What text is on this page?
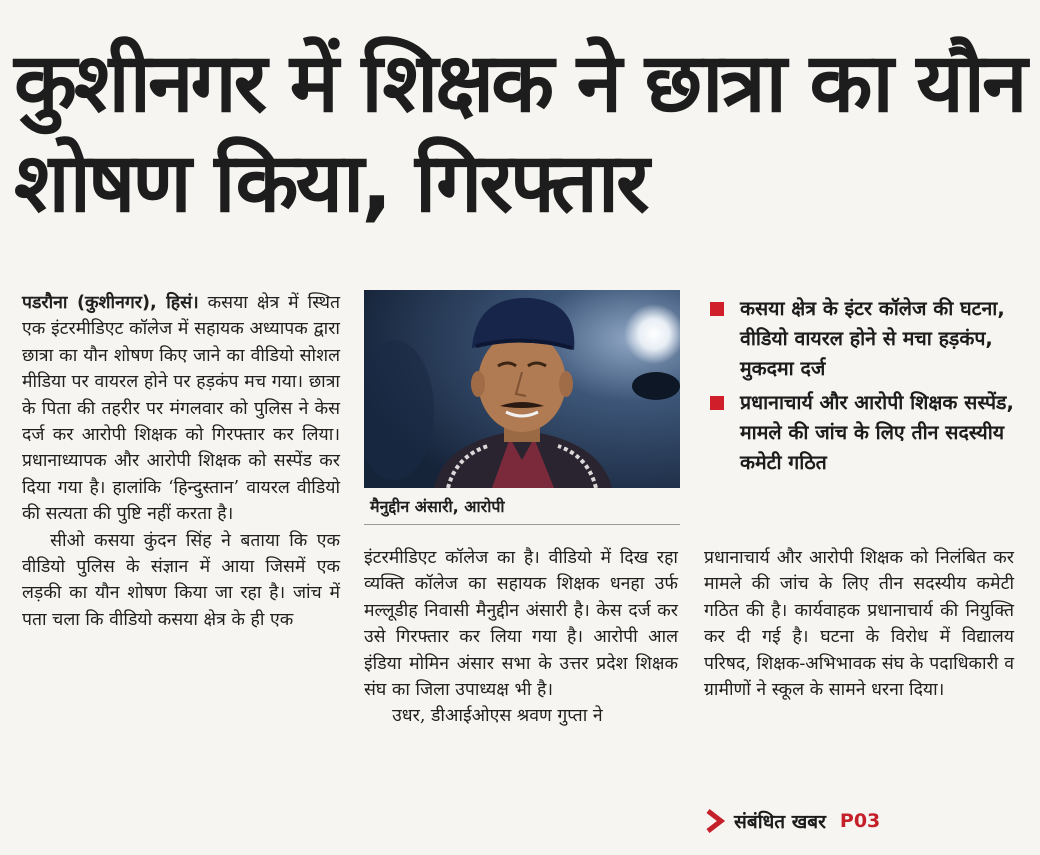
कुशीनगर में शिक्षक ने छात्रा का यौन शोषण किया, गिरफ्तार

पडरौना (कुशीनगर), हिसं। कसया क्षेत्र में स्थित एक इंटरमीडिएट कॉलेज में सहायक अध्यापक द्वारा छात्रा का यौन शोषण किए जाने का वीडियो सोशल मीडिया पर वायरल होने पर हड़कंप मच गया। छात्रा के पिता की तहरीर पर मंगलवार को पुलिस ने केस दर्ज कर आरोपी शिक्षक को गिरफ्तार कर लिया। प्रधानाध्यापक और आरोपी शिक्षक को सस्पेंड कर दिया गया है। हालांकि ‘हिन्दुस्तान’ वायरल वीडियो की सत्यता की पुष्टि नहीं करता है।

सीओ कसया कुंदन सिंह ने बताया कि एक वीडियो पुलिस के संज्ञान में आया जिसमें एक लड़की का यौन शोषण किया जा रहा है। जांच में पता चला कि वीडियो कसया क्षेत्र के ही एक

मैनुद्दीन अंसारी, आरोपी

कसया क्षेत्र के इंटर कॉलेज की घटना, वीडियो वायरल होने से मचा हड़कंप, मुकदमा दर्ज
प्रधानाचार्य और आरोपी शिक्षक सस्पेंड, मामले की जांच के लिए तीन सदस्यीय कमेटी गठित

इंटरमीडिएट कॉलेज का है। वीडियो में दिख रहा व्यक्ति कॉलेज का सहायक शिक्षक धनहा उर्फ मल्लूडीह निवासी मैनुद्दीन अंसारी है। केस दर्ज कर उसे गिरफ्तार कर लिया गया है। आरोपी आल इंडिया मोमिन अंसार सभा के उत्तर प्रदेश शिक्षक संघ का जिला उपाध्यक्ष भी है।

उधर, डीआईओएस श्रवण गुप्ता ने

प्रधानाचार्य और आरोपी शिक्षक को निलंबित कर मामले की जांच के लिए तीन सदस्यीय कमेटी गठित की है। कार्यवाहक प्रधानाचार्य की नियुक्ति कर दी गई है। घटना के विरोध में विद्यालय परिषद, शिक्षक-अभिभावक संघ के पदाधिकारी व ग्रामीणों ने स्कूल के सामने धरना दिया।

संबंधित खबर P03
